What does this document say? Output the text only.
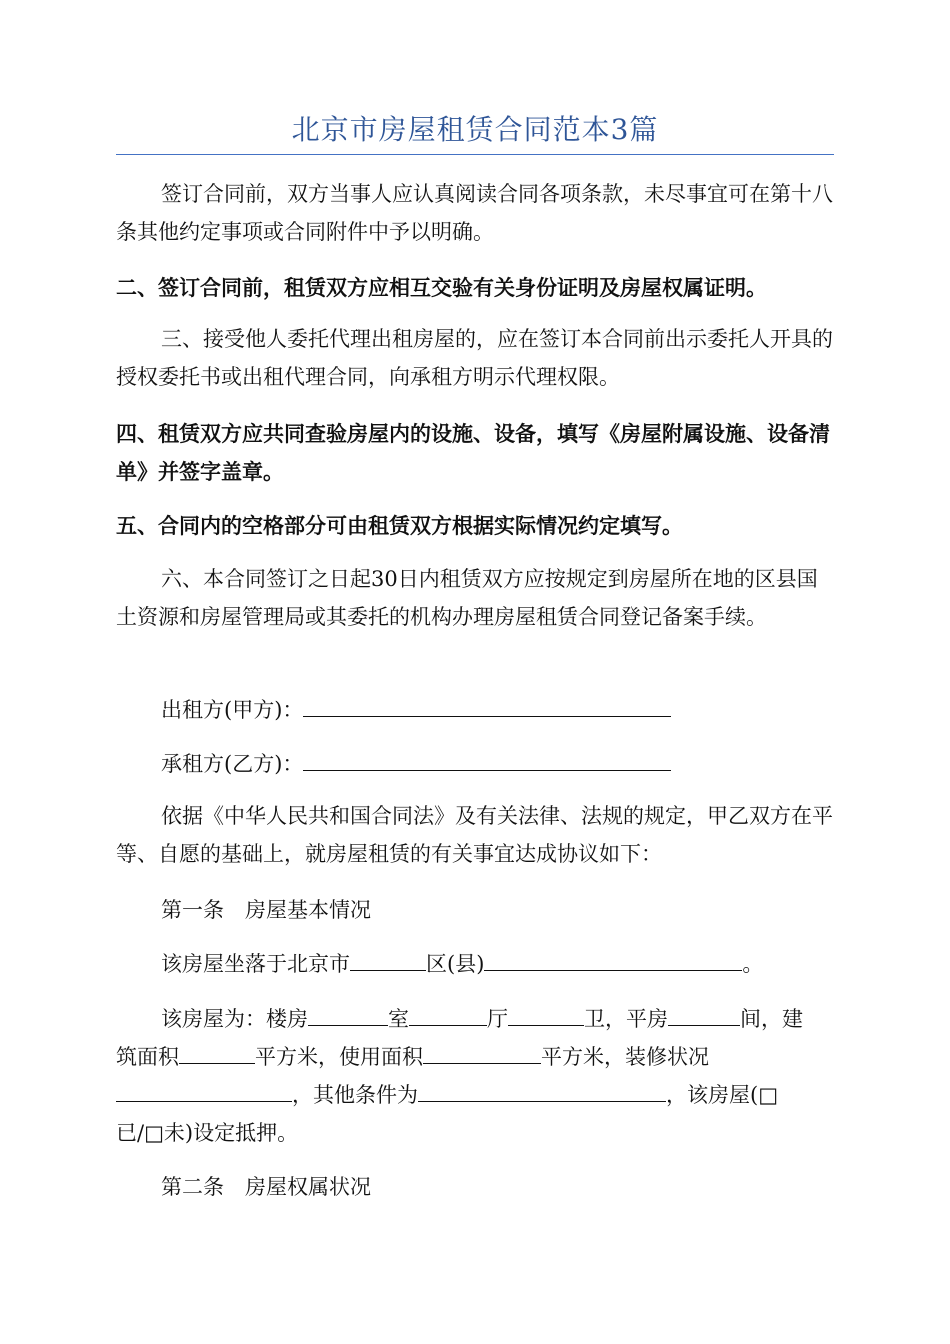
北京市房屋租赁合同范本3篇

签订合同前，双方当事人应认真阅读合同各项条款，未尽事宜可在第十八条其他约定事项或合同附件中予以明确。

二、签订合同前，租赁双方应相互交验有关身份证明及房屋权属证明。

三、接受他人委托代理出租房屋的，应在签订本合同前出示委托人开具的授权委托书或出租代理合同，向承租方明示代理权限。

四、租赁双方应共同查验房屋内的设施、设备，填写《房屋附属设施、设备清单》并签字盖章。

五、合同内的空格部分可由租赁双方根据实际情况约定填写。

六、本合同签订之日起30日内租赁双方应按规定到房屋所在地的区县国土资源和房屋管理局或其委托的机构办理房屋租赁合同登记备案手续。

出租方(甲方)：
承租方(乙方)：

依据《中华人民共和国合同法》及有关法律、法规的规定，甲乙双方在平等、自愿的基础上，就房屋租赁的有关事宜达成协议如下：

第一条　房屋基本情况
该房屋坐落于北京市	区(县)	。
该房屋为：楼房	室	厅	卫，平房	间，建
筑面积	平方米，使用面积	平方米，装修状况
，其他条件为	，该房屋(□
已/□未)设定抵押。
第二条　房屋权属状况
